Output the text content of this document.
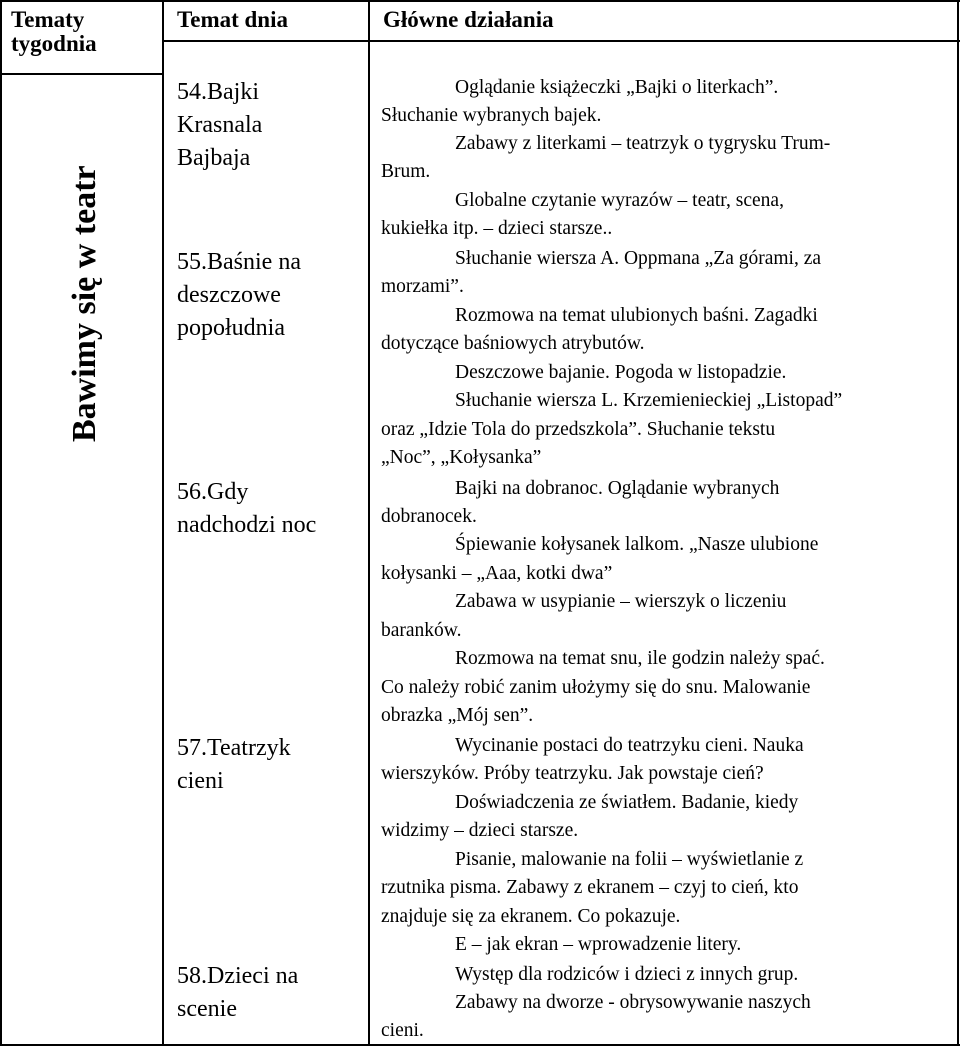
Tematy tygodnia
Temat dnia	Główne działania
Bawimy się w teatr
54.Bajki
Krasnala
Bajbaja
55.Baśnie na
deszczowe
popołudnia
56.Gdy
nadchodzi noc
57.Teatrzyk
cieni
58.Dzieci na
scenie
Oglądanie książeczki „Bajki o literkach”.
Słuchanie wybranych bajek.
Zabawy z literkami – teatrzyk o tygrysku Trum-
Brum.
Globalne czytanie wyrazów – teatr, scena,
kukiełka itp. – dzieci starsze..
Słuchanie wiersza A. Oppmana „Za górami, za
morzami”.
Rozmowa na temat ulubionych baśni. Zagadki
dotyczące baśniowych atrybutów.
Deszczowe bajanie. Pogoda w listopadzie.
Słuchanie wiersza L. Krzemienieckiej „Listopad”
oraz „Idzie Tola do przedszkola”. Słuchanie tekstu
„Noc”, „Kołysanka”
Bajki na dobranoc. Oglądanie wybranych
dobranocek.
Śpiewanie kołysanek lalkom. „Nasze ulubione
kołysanki – „Aaa, kotki dwa”
Zabawa w usypianie – wierszyk o liczeniu
baranków.
Rozmowa na temat snu, ile godzin należy spać.
Co należy robić zanim ułożymy się do snu. Malowanie
obrazka „Mój sen”.
Wycinanie postaci do teatrzyku cieni. Nauka
wierszyków. Próby teatrzyku. Jak powstaje cień?
Doświadczenia ze światłem. Badanie, kiedy
widzimy – dzieci starsze.
Pisanie, malowanie na folii – wyświetlanie z
rzutnika pisma. Zabawy z ekranem – czyj to cień, kto
znajduje się za ekranem. Co pokazuje.
E – jak ekran – wprowadzenie litery.
Występ dla rodziców i dzieci z innych grup.
Zabawy na dworze - obrysowywanie naszych
cieni.
